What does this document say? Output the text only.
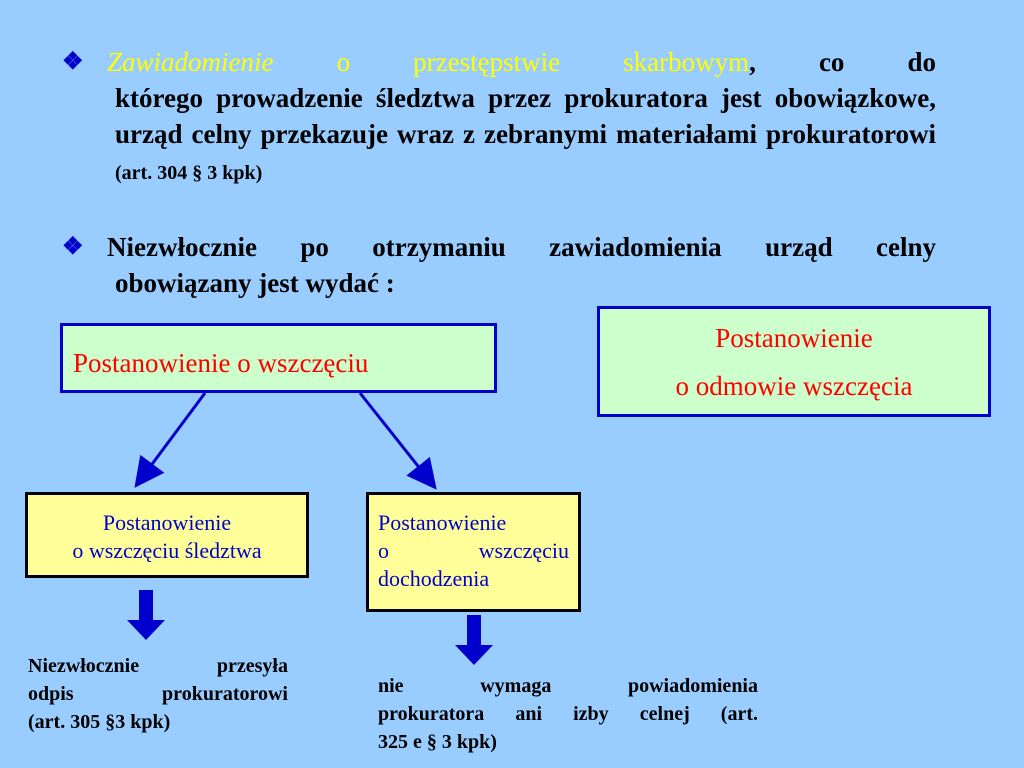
❖ Zawiadomienie o przestępstwie skarbowym, co do
którego prowadzenie śledztwa przez prokuratora jest obowiązkowe, urząd celny przekazuje wraz z zebranymi materiałami prokuratorowi (art. 304 § 3 kpk)
❖ Niezwłocznie po otrzymaniu zawiadomienia urząd celny
obowiązany jest wydać :
Postanowienie o wszczęciu
Postanowienie
o odmowie wszczęcia
Postanowienie
o wszczęciu śledztwa
Postanowienie
o	wszczęciu
dochodzenia
Niezwłocznie przesyła
odpis prokuratorowi
(art. 305 §3 kpk)
nie wymaga powiadomienia
prokuratora ani izby celnej (art.
325 e § 3 kpk)
